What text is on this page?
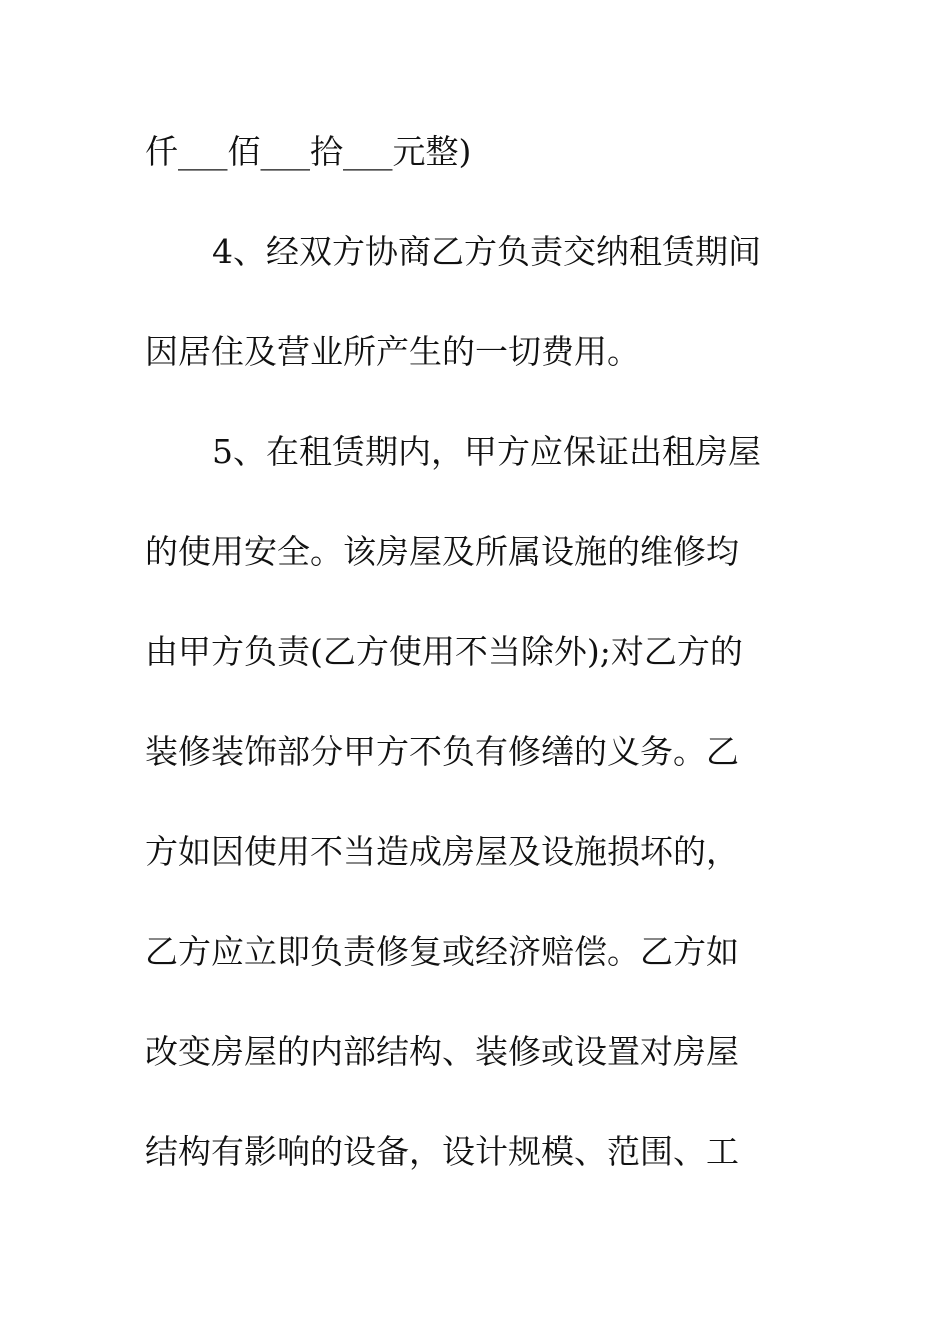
仟___佰___拾___元整)
4、经双方协商乙方负责交纳租赁期间
因居住及营业所产生的一切费用。
5、在租赁期内，甲方应保证出租房屋
的使用安全。该房屋及所属设施的维修均
由甲方负责(乙方使用不当除外);对乙方的
装修装饰部分甲方不负有修缮的义务。乙
方如因使用不当造成房屋及设施损坏的，
乙方应立即负责修复或经济赔偿。乙方如
改变房屋的内部结构、装修或设置对房屋
结构有影响的设备，设计规模、范围、工
